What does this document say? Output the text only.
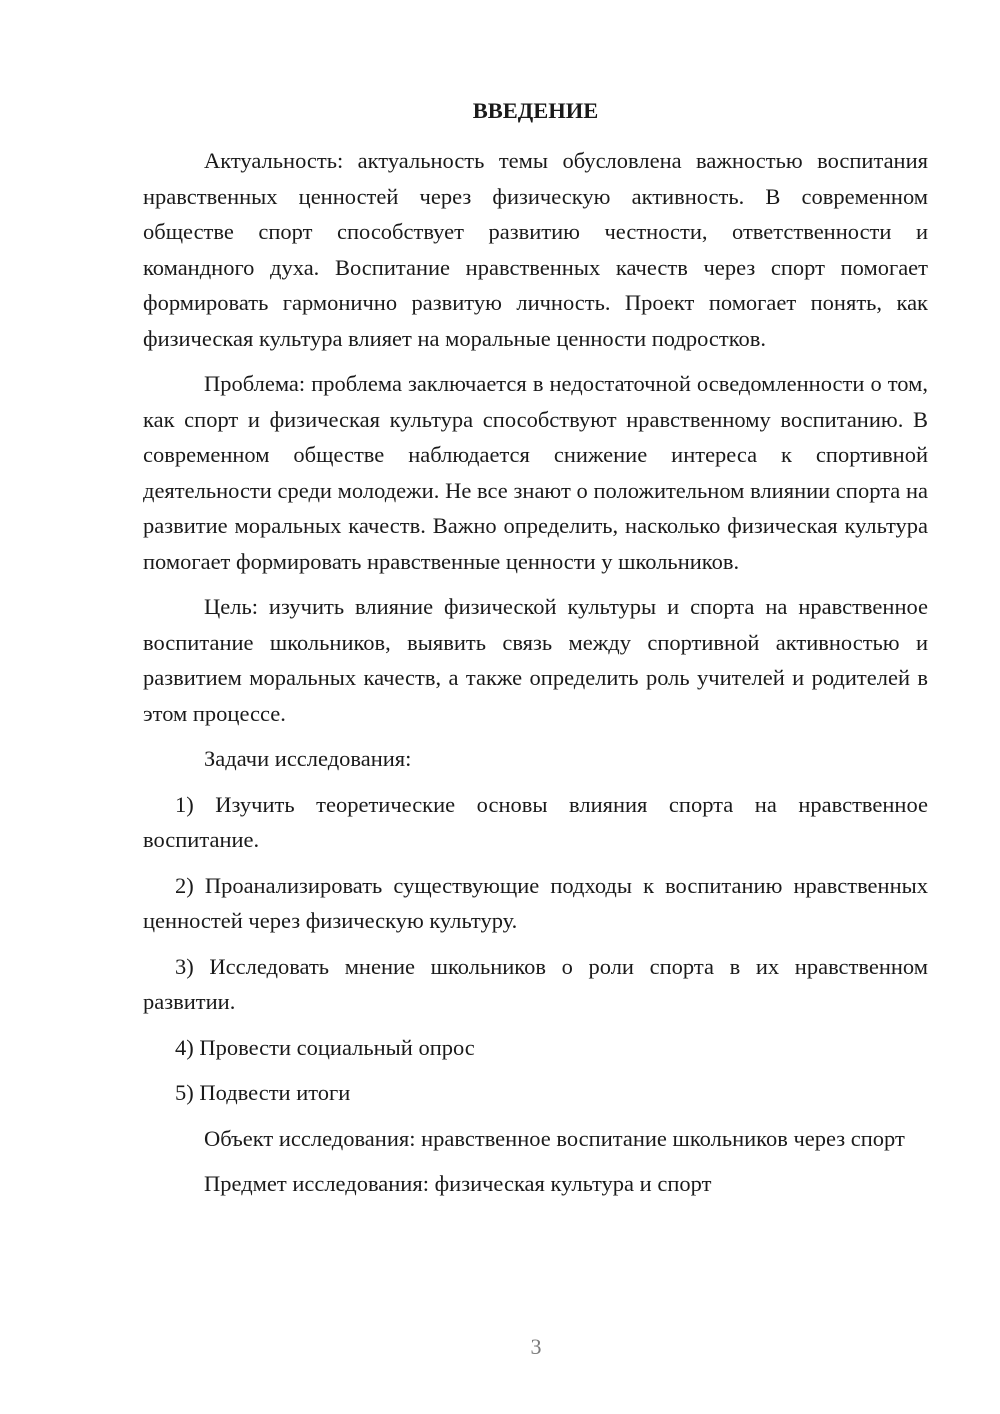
ВВЕДЕНИЕ

Актуальность: актуальность темы обусловлена важностью воспитания нравственных ценностей через физическую активность. В современном обществе спорт способствует развитию честности, ответственности и командного духа. Воспитание нравственных качеств через спорт помогает формировать гармонично развитую личность. Проект помогает понять, как физическая культура влияет на моральные ценности подростков.

Проблема: проблема заключается в недостаточной осведомленности о том, как спорт и физическая культура способствуют нравственному воспитанию. В современном обществе наблюдается снижение интереса к спортивной деятельности среди молодежи. Не все знают о положительном влиянии спорта на развитие моральных качеств. Важно определить, насколько физическая культура помогает формировать нравственные ценности у школьников.

Цель: изучить влияние физической культуры и спорта на нравственное воспитание школьников, выявить связь между спортивной активностью и развитием моральных качеств, а также определить роль учителей и родителей в этом процессе.

Задачи исследования:

1) Изучить теоретические основы влияния спорта на нравственное воспитание.

2) Проанализировать существующие подходы к воспитанию нравственных ценностей через физическую культуру.

3) Исследовать мнение школьников о роли спорта в их нравственном развитии.

4) Провести социальный опрос

5) Подвести итоги

Объект исследования: нравственное воспитание школьников через спорт

Предмет исследования: физическая культура и спорт

3
